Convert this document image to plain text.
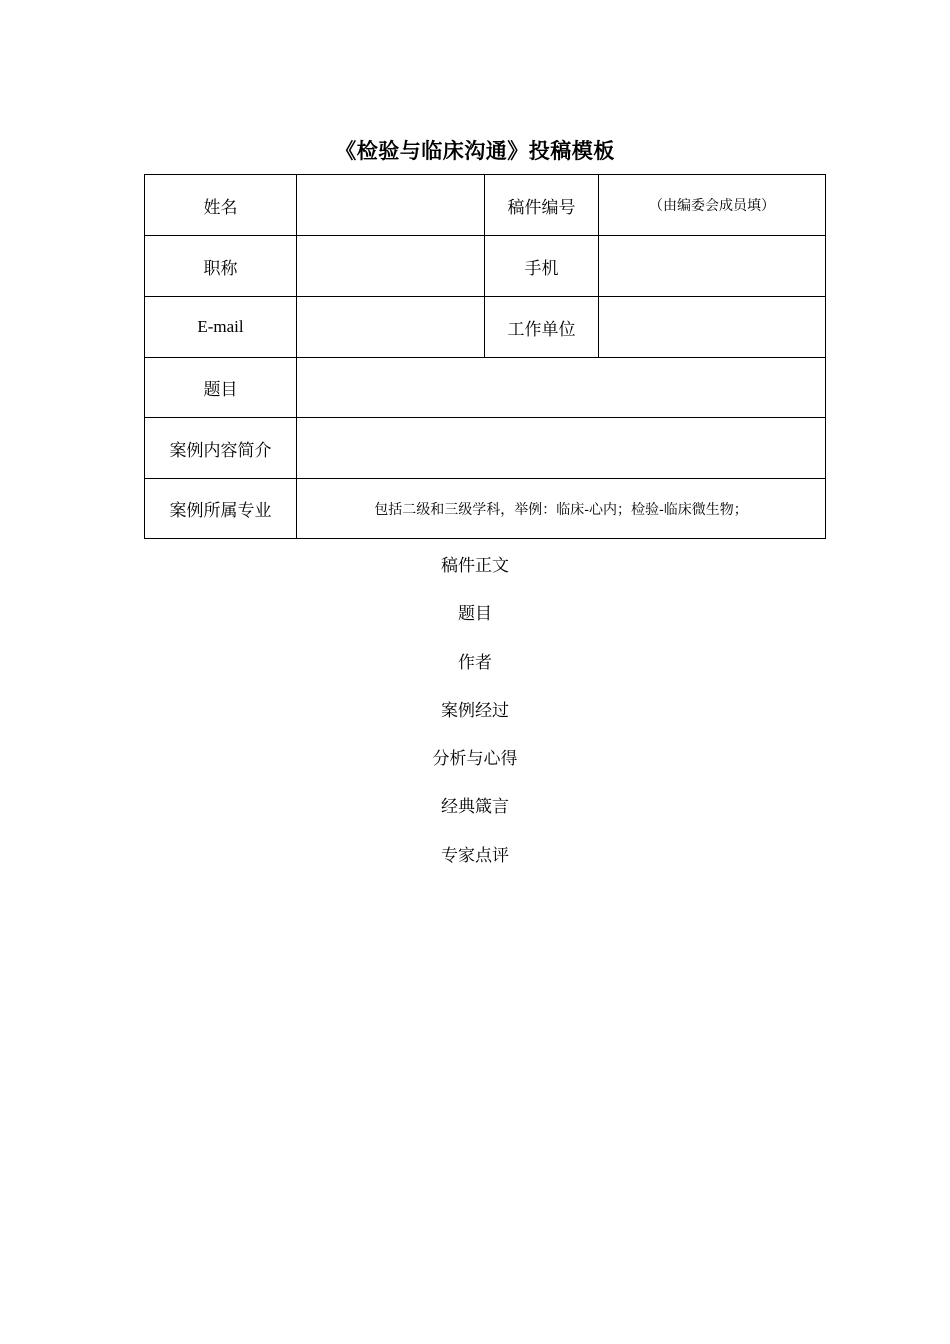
《检验与临床沟通》投稿模板
姓名		稿件编号	（由编委会成员填）
职称		手机	
E-mail		工作单位	
题目			
案例内容简介			
案例所属专业	包括二级和三级学科，举例：临床-心内；检验-临床微生物；		
稿件正文
题目
作者
案例经过
分析与心得
经典箴言
专家点评
